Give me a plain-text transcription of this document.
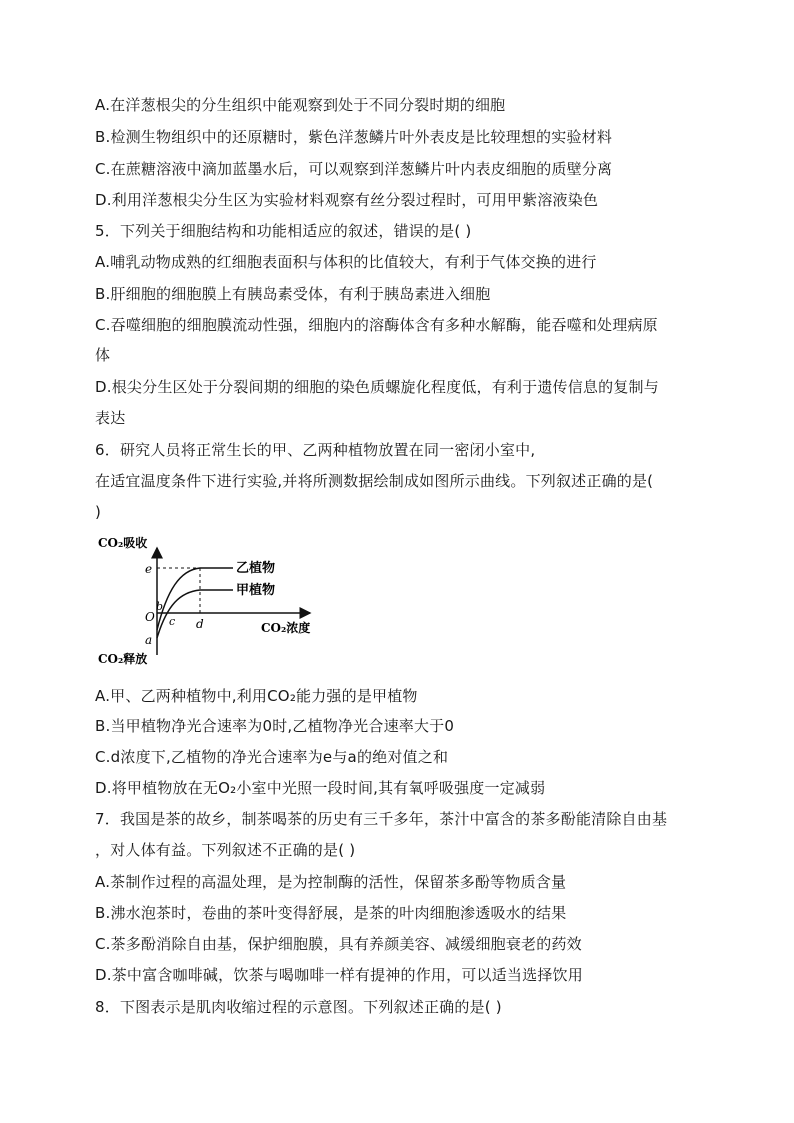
A.在洋葱根尖的分生组织中能观察到处于不同分裂时期的细胞
B.检测生物组织中的还原糖时，紫色洋葱鳞片叶外表皮是比较理想的实验材料
C.在蔗糖溶液中滴加蓝墨水后，可以观察到洋葱鳞片叶内表皮细胞的质壁分离
D.利用洋葱根尖分生区为实验材料观察有丝分裂过程时，可用甲紫溶液染色
5．下列关于细胞结构和功能相适应的叙述，错误的是( )
A.哺乳动物成熟的红细胞表面积与体积的比值较大，有利于气体交换的进行
B.肝细胞的细胞膜上有胰岛素受体，有利于胰岛素进入细胞
C.吞噬细胞的细胞膜流动性强，细胞内的溶酶体含有多种水解酶，能吞噬和处理病原
体
D.根尖分生区处于分裂间期的细胞的染色质螺旋化程度低，有利于遗传信息的复制与
表达
6．研究人员将正常生长的甲、乙两种植物放置在同一密闭小室中,
在适宜温度条件下进行实验,并将所测数据绘制成如图所示曲线。下列叙述正确的是(
)
CO₂吸收
CO₂释放
O
CO₂浓度
e
b
a
c d
乙植物
甲植物
A.甲、乙两种植物中,利用CO₂能力强的是甲植物
B.当甲植物净光合速率为0时,乙植物净光合速率大于0
C.d浓度下,乙植物的净光合速率为e与a的绝对值之和
D.将甲植物放在无O₂小室中光照一段时间,其有氧呼吸强度一定减弱
7．我国是茶的故乡，制茶喝茶的历史有三千多年，茶汁中富含的茶多酚能清除自由基
，对人体有益。下列叙述不正确的是( )
A.茶制作过程的高温处理，是为控制酶的活性，保留茶多酚等物质含量
B.沸水泡茶时，卷曲的茶叶变得舒展，是茶的叶肉细胞渗透吸水的结果
C.茶多酚消除自由基，保护细胞膜，具有养颜美容、减缓细胞衰老的药效
D.茶中富含咖啡碱，饮茶与喝咖啡一样有提神的作用，可以适当选择饮用
8．下图表示是肌肉收缩过程的示意图。下列叙述正确的是( )
